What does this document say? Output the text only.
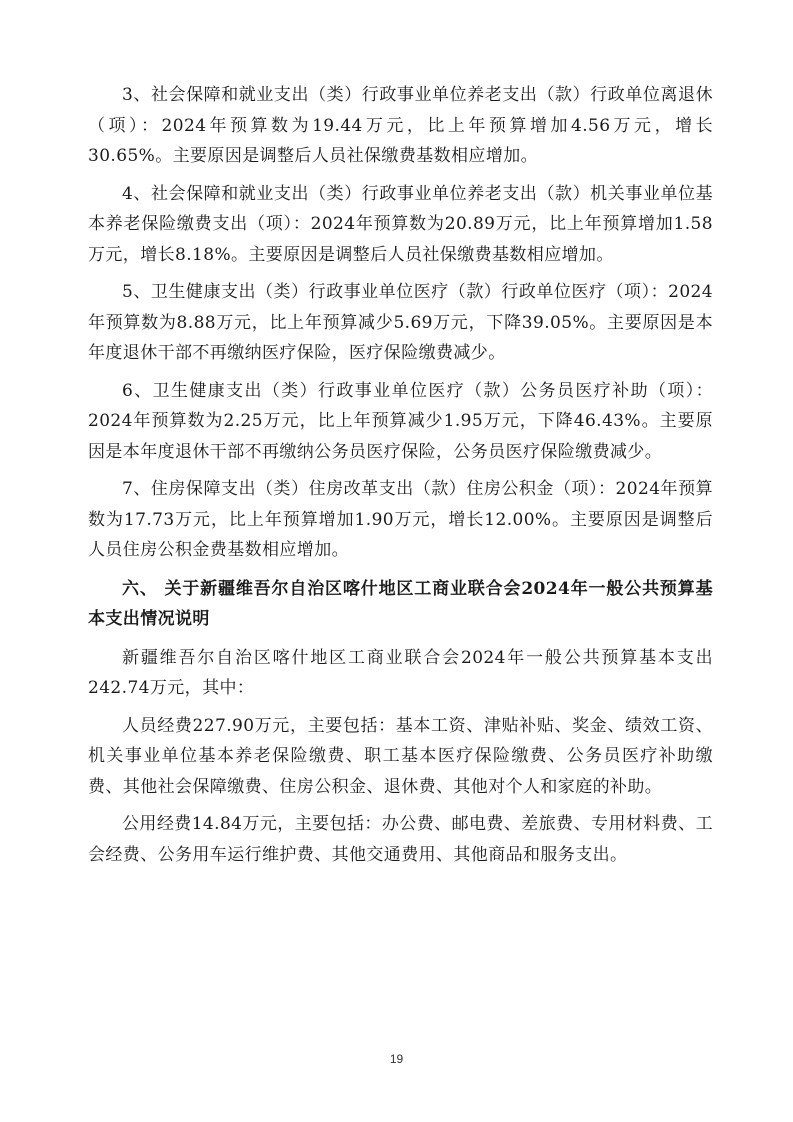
3、社会保障和就业支出（类）行政事业单位养老支出（款）行政单位离退休（项）：2024年预算数为19.44万元，比上年预算增加4.56万元，增长30.65%。主要原因是调整后人员社保缴费基数相应增加。

4、社会保障和就业支出（类）行政事业单位养老支出（款）机关事业单位基本养老保险缴费支出（项）：2024年预算数为20.89万元，比上年预算增加1.58万元，增长8.18%。主要原因是调整后人员社保缴费基数相应增加。

5、卫生健康支出（类）行政事业单位医疗（款）行政单位医疗（项）：2024年预算数为8.88万元，比上年预算减少5.69万元，下降39.05%。主要原因是本年度退休干部不再缴纳医疗保险，医疗保险缴费减少。

6、卫生健康支出（类）行政事业单位医疗（款）公务员医疗补助（项）：2024年预算数为2.25万元，比上年预算减少1.95万元，下降46.43%。主要原因是本年度退休干部不再缴纳公务员医疗保险，公务员医疗保险缴费减少。

7、住房保障支出（类）住房改革支出（款）住房公积金（项）：2024年预算数为17.73万元，比上年预算增加1.90万元，增长12.00%。主要原因是调整后人员住房公积金费基数相应增加。

六、 关于新疆维吾尔自治区喀什地区工商业联合会2024年一般公共预算基本支出情况说明

新疆维吾尔自治区喀什地区工商业联合会2024年一般公共预算基本支出242.74万元，其中：

人员经费227.90万元，主要包括：基本工资、津贴补贴、奖金、绩效工资、机关事业单位基本养老保险缴费、职工基本医疗保险缴费、公务员医疗补助缴费、其他社会保障缴费、住房公积金、退休费、其他对个人和家庭的补助。

公用经费14.84万元，主要包括：办公费、邮电费、差旅费、专用材料费、工会经费、公务用车运行维护费、其他交通费用、其他商品和服务支出。

19
